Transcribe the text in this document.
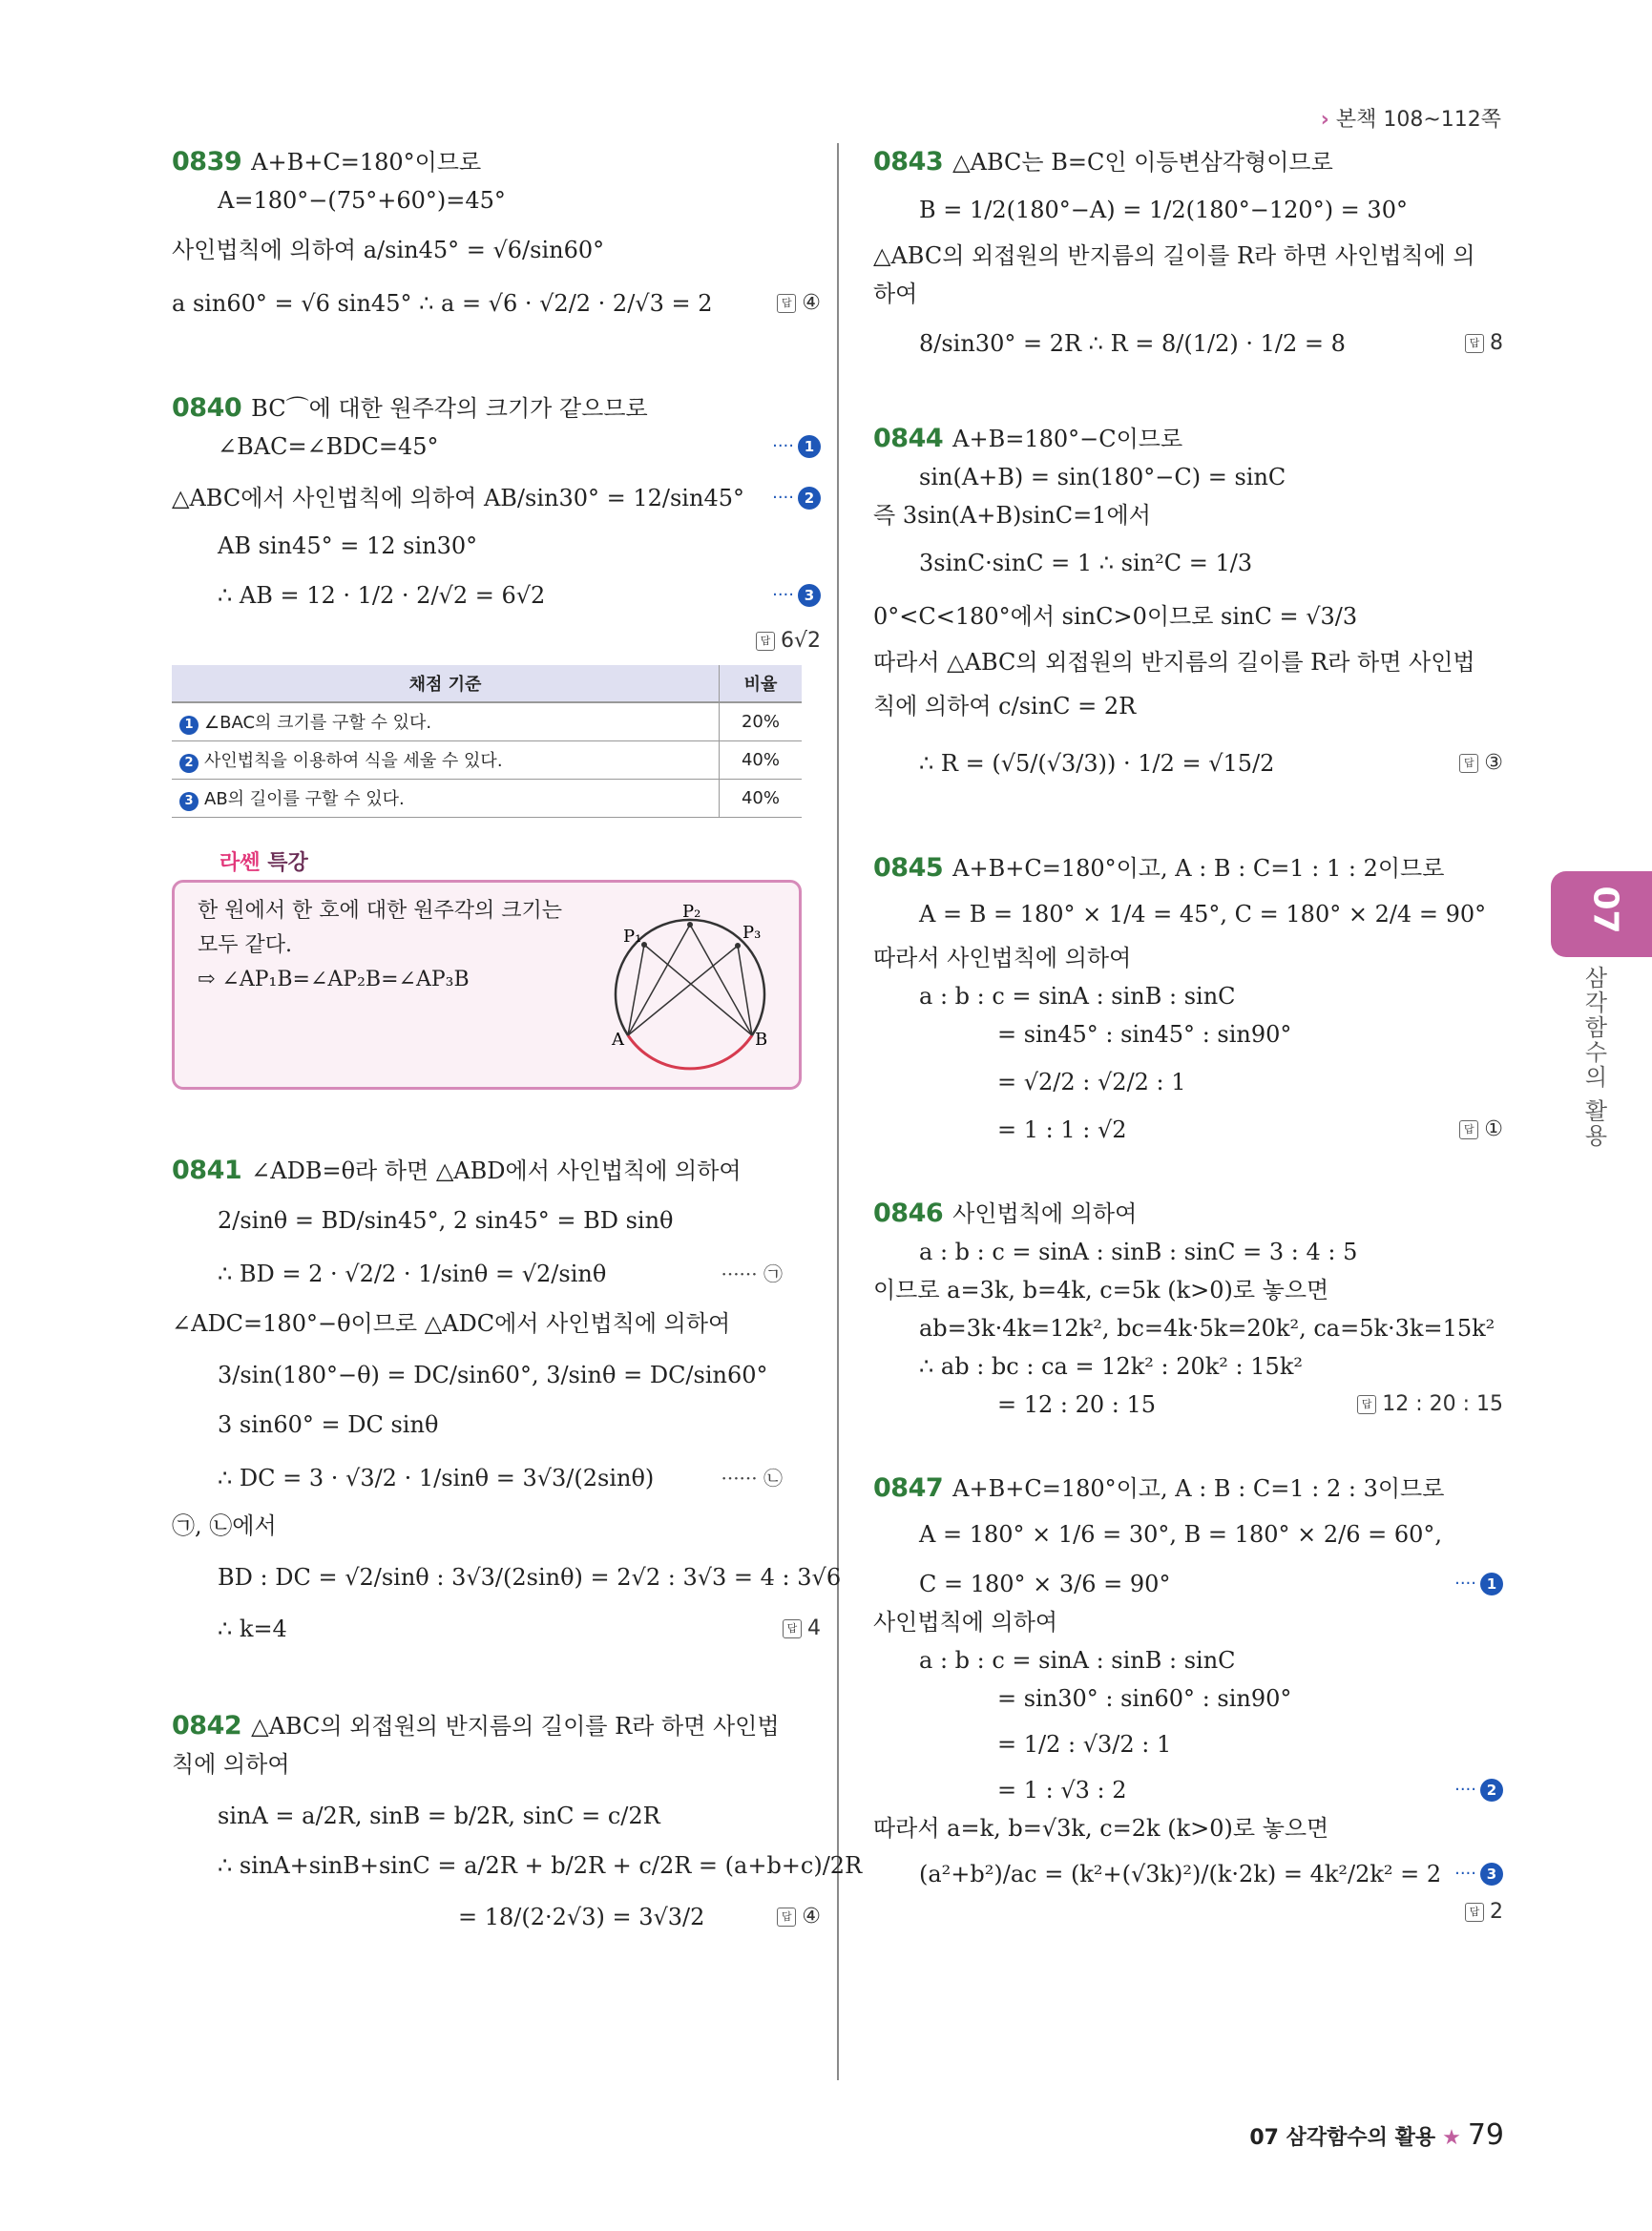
› 본책 108~112쪽
0839 A+B+C=180°이므로
A=180°−(75°+60°)=45°
사인법칙에 의하여 a/sin45° = √6/sin60°
a sin60° = √6 sin45° ∴ a = √6 · √2/2 · 2/√3 = 2	답 ④
0840 BC⌒에 대한 원주각의 크기가 같으므로
∠BAC=∠BDC=45°	···· 1
△ABC에서 사인법칙에 의하여 AB/sin30° = 12/sin45° ···· 2
AB sin45° = 12 sin30°
∴ AB = 12 · 1/2 · 2/√2 = 6√2	···· 3
답 6√2
채점 기준	비율
1 ∠BAC의 크기를 구할 수 있다.	20%
2 사인법칙을 이용하여 식을 세울 수 있다.	40%
3 AB의 길이를 구할 수 있다.	40%
라쎈 특강

한 원에서 한 호에 대한 원주각의 크기는

모두 같다.

⇨ ∠AP₁B=∠AP₂B=∠AP₃B

P₁
P₂
P₃
A	B
0841 ∠ADB=θ라 하면 △ABD에서 사인법칙에 의하여
2/sinθ = BD/sin45°, 2 sin45° = BD sinθ
∴ BD = 2 · √2/2 · 1/sinθ = √2/sinθ	······ ㉠
∠ADC=180°−θ이므로 △ADC에서 사인법칙에 의하여
3/sin(180°−θ) = DC/sin60°, 3/sinθ = DC/sin60°
3 sin60° = DC sinθ
∴ DC = 3 · √3/2 · 1/sinθ = 3√3/(2sinθ)	······ ㉡
㉠, ㉡에서
BD : DC = √2/sinθ : 3√3/(2sinθ) = 2√2 : 3√3 = 4 : 3√6
∴ k=4	답 4
0842 △ABC의 외접원의 반지름의 길이를 R라 하면 사인법
칙에 의하여
sinA = a/2R, sinB = b/2R, sinC = c/2R
∴ sinA+sinB+sinC = a/2R + b/2R + c/2R = (a+b+c)/2R
= 18/(2·2√3) = 3√3/2	답 ④
0843 △ABC는 B=C인 이등변삼각형이므로
B = 1/2(180°−A) = 1/2(180°−120°) = 30°
△ABC의 외접원의 반지름의 길이를 R라 하면 사인법칙에 의
하여
8/sin30° = 2R ∴ R = 8/(1/2) · 1/2 = 8	답 8
0844 A+B=180°−C이므로
sin(A+B) = sin(180°−C) = sinC
즉 3sin(A+B)sinC=1에서
3sinC·sinC = 1 ∴ sin²C = 1/3
0°<C<180°에서 sinC>0이므로 sinC = √3/3
따라서 △ABC의 외접원의 반지름의 길이를 R라 하면 사인법
칙에 의하여 c/sinC = 2R
∴ R = (√5/(√3/3)) · 1/2 = √15/2	답 ③
0845 A+B+C=180°이고, A : B : C=1 : 1 : 2이므로
A = B = 180° × 1/4 = 45°, C = 180° × 2/4 = 90°
따라서 사인법칙에 의하여
a : b : c = sinA : sinB : sinC
= sin45° : sin45° : sin90°
= √2/2 : √2/2 : 1
= 1 : 1 : √2	답 ①
0846 사인법칙에 의하여
a : b : c = sinA : sinB : sinC = 3 : 4 : 5
이므로 a=3k, b=4k, c=5k (k>0)로 놓으면
ab=3k·4k=12k², bc=4k·5k=20k², ca=5k·3k=15k²
∴ ab : bc : ca = 12k² : 20k² : 15k²
= 12 : 20 : 15	답 12 : 20 : 15
0847 A+B+C=180°이고, A : B : C=1 : 2 : 3이므로
A = 180° × 1/6 = 30°, B = 180° × 2/6 = 60°,
C = 180° × 3/6 = 90°	···· 1
사인법칙에 의하여
a : b : c = sinA : sinB : sinC
= sin30° : sin60° : sin90°
= 1/2 : √3/2 : 1
= 1 : √3 : 2	···· 2
따라서 a=k, b=√3k, c=2k (k>0)로 놓으면
(a²+b²)/ac = (k²+(√3k)²)/(k·2k) = 4k²/2k² = 2 ···· 3
답 2
07
삼각함수의 활용
07 삼각함수의 활용 ★ 79
